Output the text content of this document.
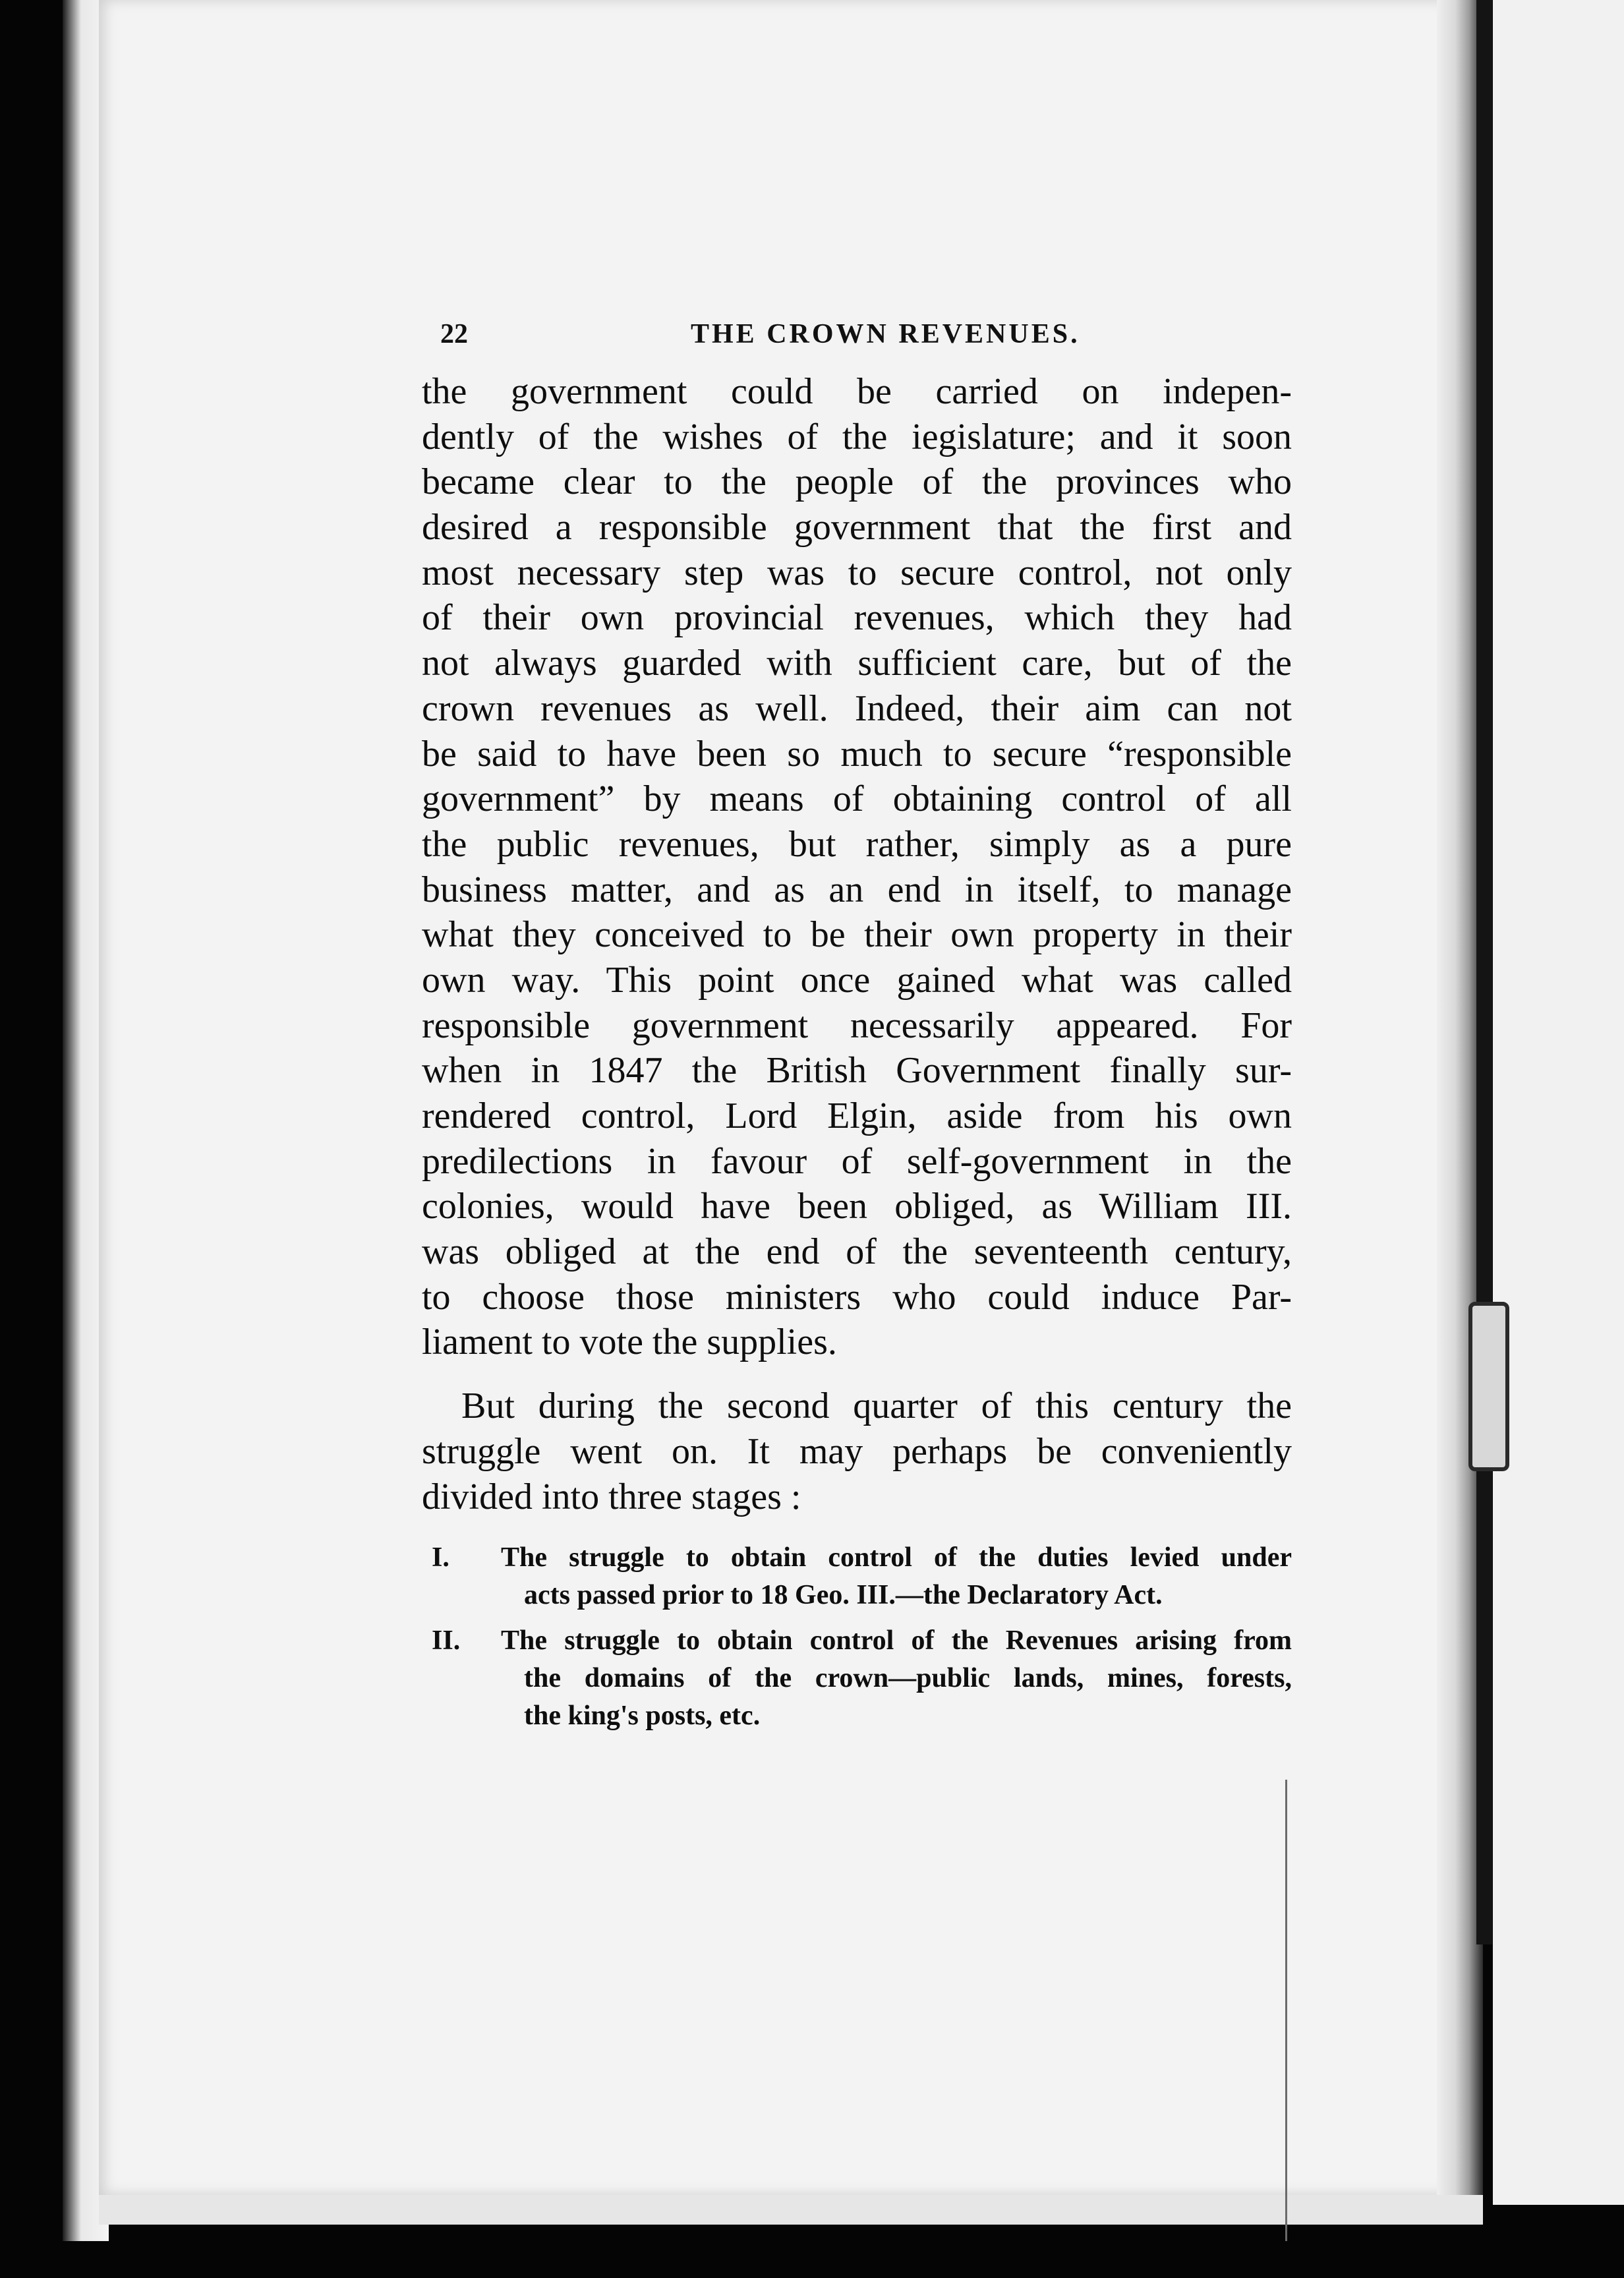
22	THE CROWN REVENUES.
the government could be carried on indepen-
dently of the wishes of the iegislature; and it soon
became clear to the people of the provinces who
desired a responsible government that the first and
most necessary step was to secure control, not only
of their own provincial revenues, which they had
not always guarded with sufficient care, but of the
crown revenues as well. Indeed, their aim can not
be said to have been so much to secure “responsible
government” by means of obtaining control of all
the public revenues, but rather, simply as a pure
business matter, and as an end in itself, to manage
what they conceived to be their own property in their
own way. This point once gained what was called
responsible government necessarily appeared. For
when in 1847 the British Government finally sur-
rendered control, Lord Elgin, aside from his own
predilections in favour of self-government in the
colonies, would have been obliged, as William III.
was obliged at the end of the seventeenth century,
to choose those ministers who could induce Par-
liament to vote the supplies.
But during the second quarter of this century the
struggle went on. It may perhaps be conveniently
divided into three stages :
I. The struggle to obtain control of the duties levied under
acts passed prior to 18 Geo. III.—the Declaratory Act.
II. The struggle to obtain control of the Revenues arising from
the domains of the crown—public lands, mines, forests,
the king's posts, etc.
